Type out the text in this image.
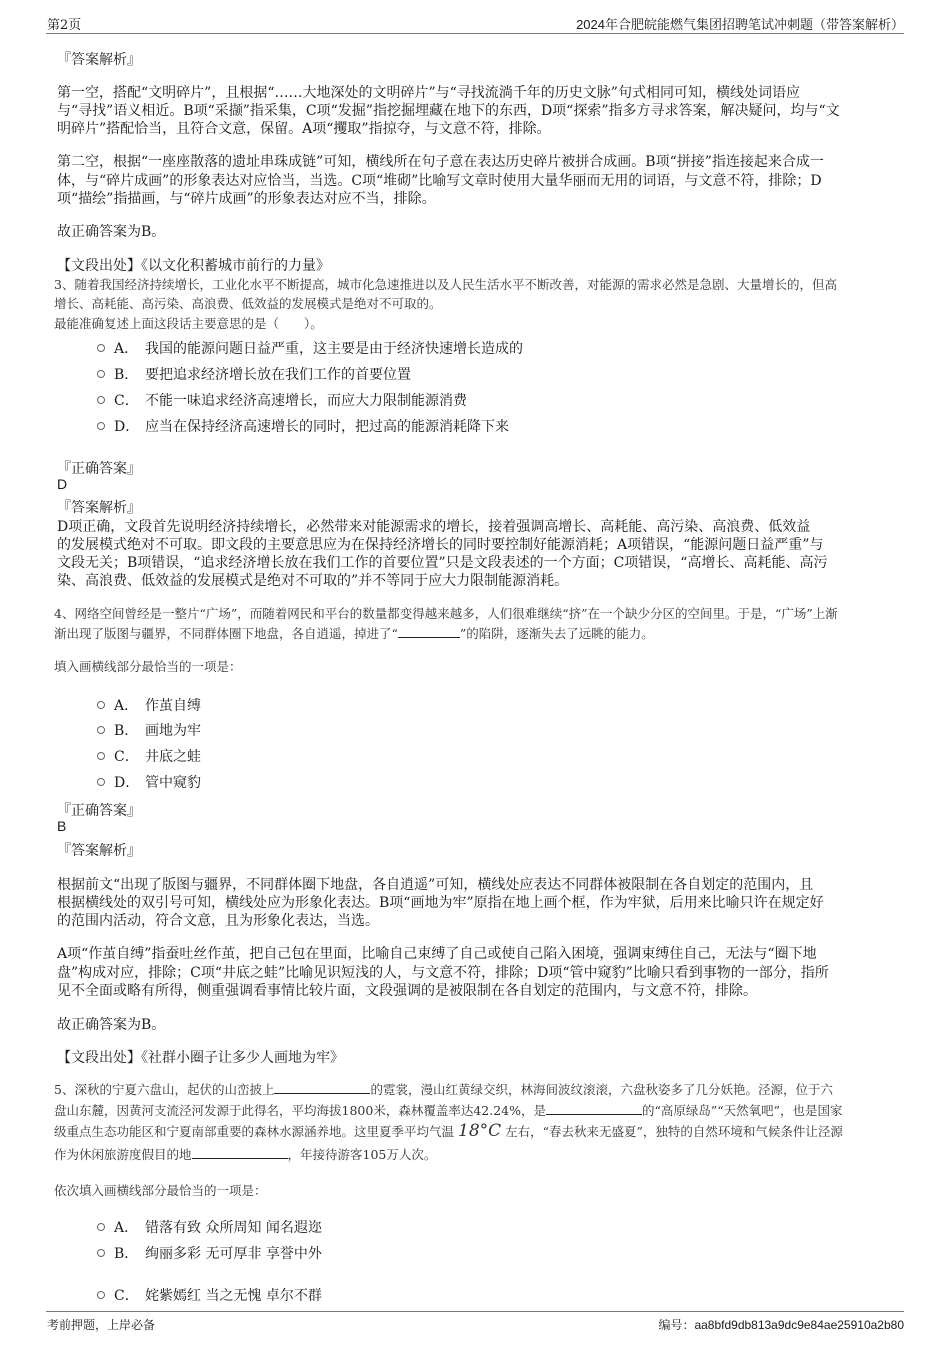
第2页	2024年合肥皖能燃气集团招聘笔试冲刺题（带答案解析）
『答案解析』
第一空，搭配“文明碎片”，且根据“……大地深处的文明碎片”与“寻找流淌千年的历史文脉”句式相同可知，横线处词语应
与“寻找”语义相近。B项“采撷”指采集，C项“发掘”指挖掘埋藏在地下的东西，D项“探索”指多方寻求答案，解决疑问，均与“文
明碎片”搭配恰当，且符合文意，保留。A项“攫取”指掠夺，与文意不符，排除。
第二空，根据“一座座散落的遗址串珠成链”可知，横线所在句子意在表达历史碎片被拼合成画。B项“拼接”指连接起来合成一
体，与“碎片成画”的形象表达对应恰当，当选。C项“堆砌”比喻写文章时使用大量华丽而无用的词语，与文意不符，排除；D
项“描绘”指描画，与“碎片成画”的形象表达对应不当，排除。
故正确答案为B。
【文段出处】《以文化积蓄城市前行的力量》
3、随着我国经济持续增长，工业化水平不断提高，城市化急速推进以及人民生活水平不断改善，对能源的需求必然是急剧、大量增长的，但高
增长、高耗能、高污染、高浪费、低效益的发展模式是绝对不可取的。
最能准确复述上面这段话主要意思的是（　　）。
A． 我国的能源问题日益严重，这主要是由于经济快速增长造成的
B． 要把追求经济增长放在我们工作的首要位置
C． 不能一味追求经济高速增长，而应大力限制能源消费
D． 应当在保持经济高速增长的同时，把过高的能源消耗降下来
『正确答案』
D
『答案解析』
D项正确，文段首先说明经济持续增长，必然带来对能源需求的增长，接着强调高增长、高耗能、高污染、高浪费、低效益
的发展模式绝对不可取。即文段的主要意思应为在保持经济增长的同时要控制好能源消耗；A项错误，“能源问题日益严重”与
文段无关；B项错误，“追求经济增长放在我们工作的首要位置”只是文段表述的一个方面；C项错误，“高增长、高耗能、高污
染、高浪费、低效益的发展模式是绝对不可取的”并不等同于应大力限制能源消耗。
4、网络空间曾经是一整片“广场”，而随着网民和平台的数量都变得越来越多，人们很难继续“挤”在一个缺少分区的空间里。于是，“广场”上渐
渐出现了版图与疆界，不同群体圈下地盘，各自逍遥，掉进了“	”的陷阱，逐渐失去了远眺的能力。
填入画横线部分最恰当的一项是：
A． 作茧自缚
B． 画地为牢
C． 井底之蛙
D． 管中窥豹
『正确答案』
B
『答案解析』
根据前文“出现了版图与疆界，不同群体圈下地盘，各自逍遥”可知，横线处应表达不同群体被限制在各自划定的范围内，且
根据横线处的双引号可知，横线处应为形象化表达。B项“画地为牢”原指在地上画个框，作为牢狱，后用来比喻只许在规定好
的范围内活动，符合文意，且为形象化表达，当选。
A项“作茧自缚”指蚕吐丝作茧，把自己包在里面，比喻自己束缚了自己或使自己陷入困境，强调束缚住自己，无法与“圈下地
盘”构成对应，排除；C项“井底之蛙”比喻见识短浅的人，与文意不符，排除；D项“管中窥豹”比喻只看到事物的一部分，指所
见不全面或略有所得，侧重强调看事情比较片面，文段强调的是被限制在各自划定的范围内，与文意不符，排除。
故正确答案为B。
【文段出处】《社群小圈子让多少人画地为牢》
5、深秋的宁夏六盘山，起伏的山峦披上	的霓裳，漫山红黄绿交织，林海间波纹滚滚，六盘秋姿多了几分妖艳。泾源，位于六
盘山东麓，因黄河支流泾河发源于此得名，平均海拔1800米，森林覆盖率达42.24%，是	的“高原绿岛”“天然氧吧”，也是国家
级重点生态功能区和宁夏南部重要的森林水源涵养地。这里夏季平均气温 18°C 左右，“春去秋来无盛夏”，独特的自然环境和气候条件让泾源
作为休闲旅游度假目的地	，年接待游客105万人次。
依次填入画横线部分最恰当的一项是：
A． 错落有致 众所周知 闻名遐迩
B． 绚丽多彩 无可厚非 享誉中外
C． 姹紫嫣红 当之无愧 卓尔不群
考前押题，上岸必备	编号：aa8bfd9db813a9dc9e84ae25910a2b80
